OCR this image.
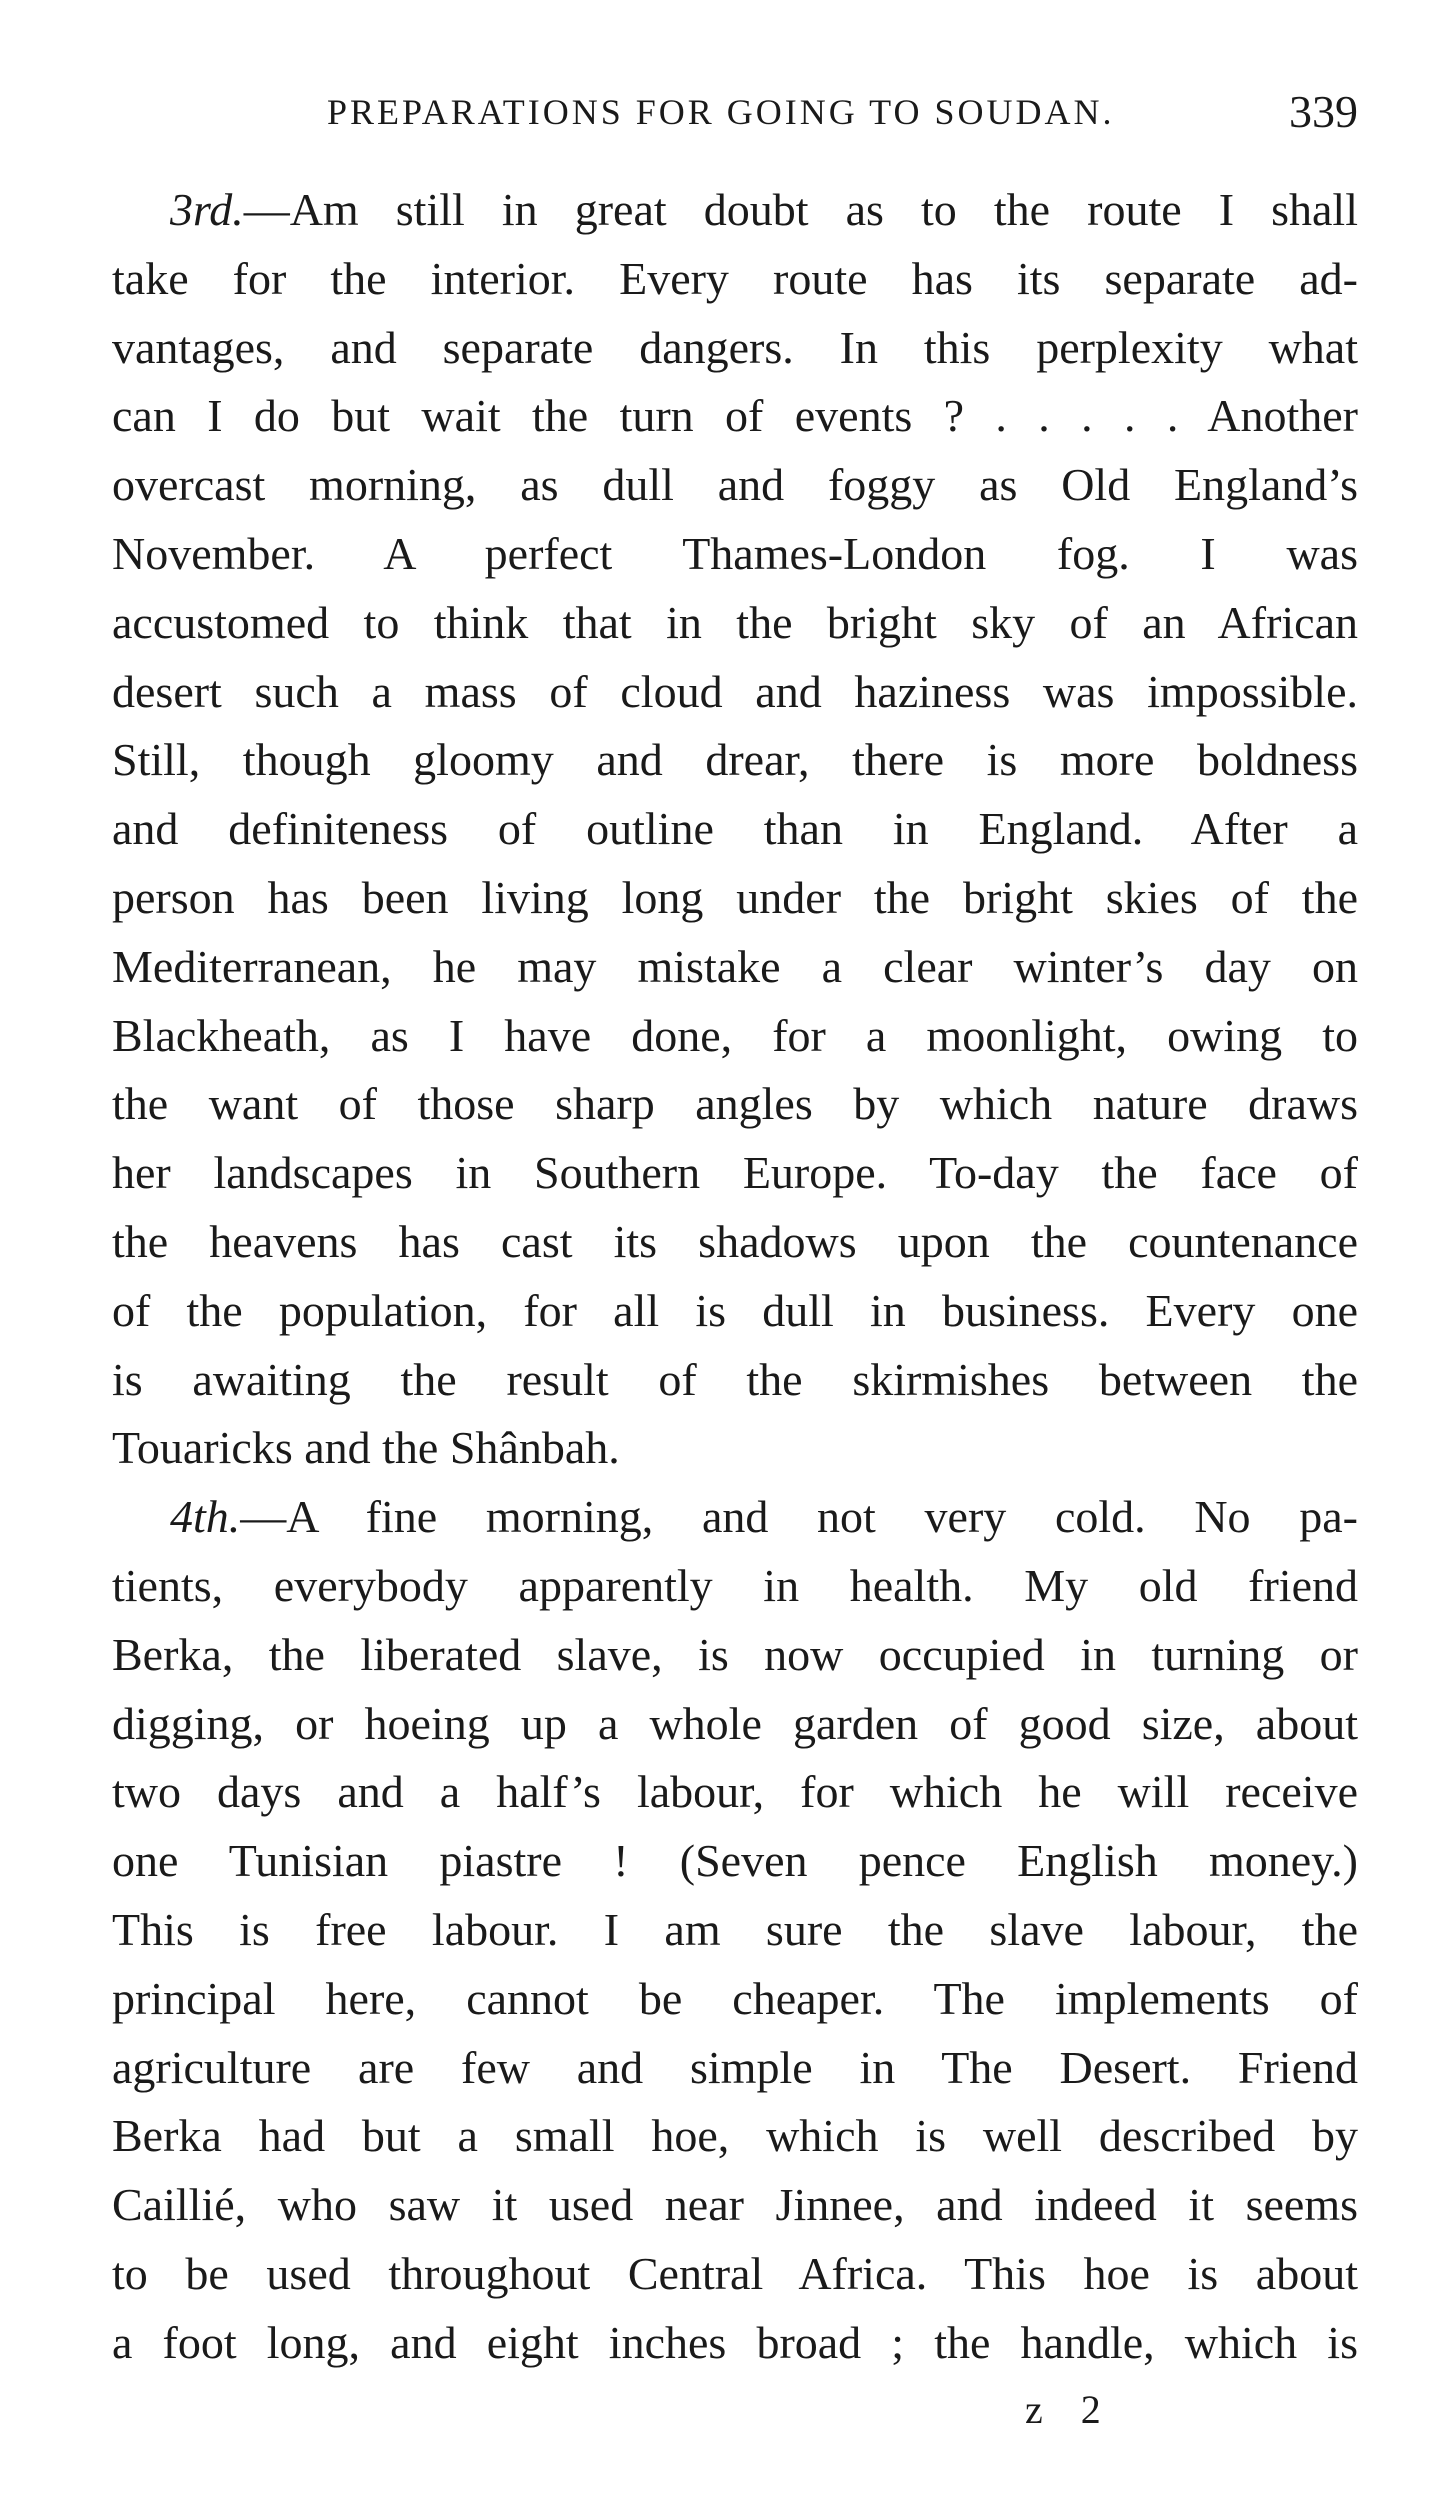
PREPARATIONS FOR GOING TO SOUDAN.	339

3rd.—Am still in great doubt as to the route I shall
take for the interior. Every route has its separate ad-
vantages, and separate dangers. In this perplexity what
can I do but wait the turn of events ? . . . . . Another
overcast morning, as dull and foggy as Old England’s
November. A perfect Thames-London fog. I was
accustomed to think that in the bright sky of an African
desert such a mass of cloud and haziness was impossible.
Still, though gloomy and drear, there is more boldness
and definiteness of outline than in England. After a
person has been living long under the bright skies of the
Mediterranean, he may mistake a clear winter’s day on
Blackheath, as I have done, for a moonlight, owing to
the want of those sharp angles by which nature draws
her landscapes in Southern Europe. To-day the face of
the heavens has cast its shadows upon the countenance
of the population, for all is dull in business. Every one
is awaiting the result of the skirmishes between the
Touaricks and the Shânbah.

4th.—A fine morning, and not very cold. No pa-
tients, everybody apparently in health. My old friend
Berka, the liberated slave, is now occupied in turning or
digging, or hoeing up a whole garden of good size, about
two days and a half’s labour, for which he will receive
one Tunisian piastre ! (Seven pence English money.)
This is free labour. I am sure the slave labour, the
principal here, cannot be cheaper. The implements of
agriculture are few and simple in The Desert. Friend
Berka had but a small hoe, which is well described by
Caillié, who saw it used near Jinnee, and indeed it seems
to be used throughout Central Africa. This hoe is about
a foot long, and eight inches broad ; the handle, which is

z 2
